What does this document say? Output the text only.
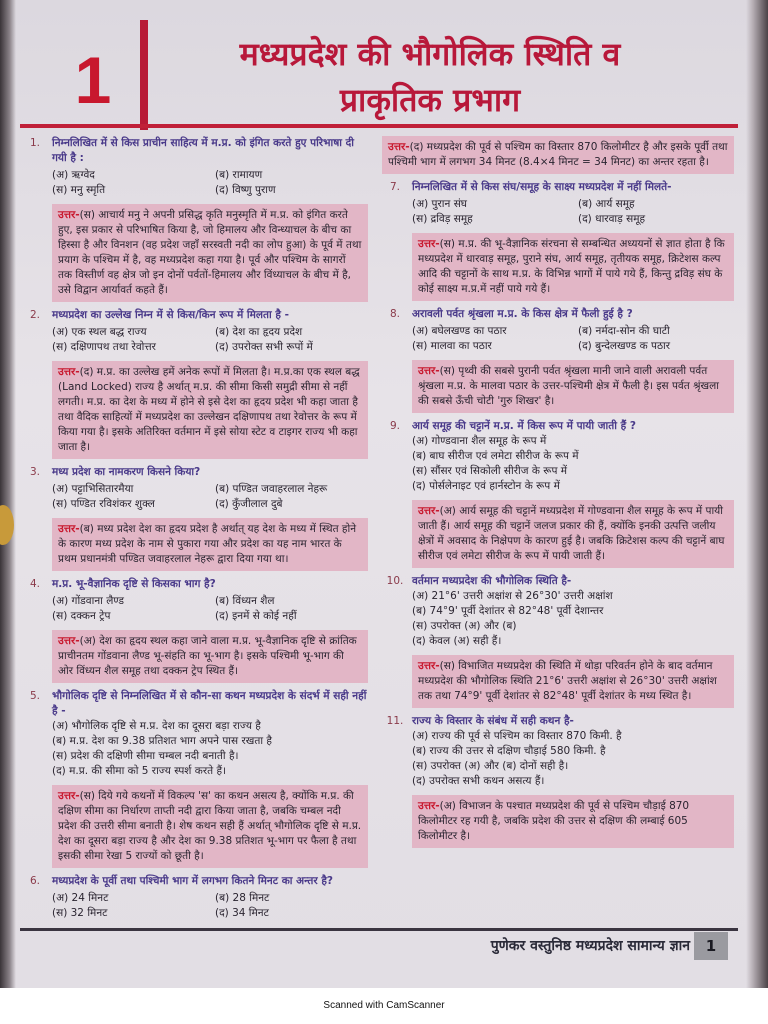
1	मध्यप्रदेश की भौगोलिक स्थिति व
प्राकृतिक प्रभाग
1.	निम्नलिखित में से किस प्राचीन साहित्य में म.प्र. को इंगित करते हुए परिभाषा दी गयी है :
(अ) ऋग्वेद	(ब) रामायण
(स) मनु स्मृति	(द) विष्णु पुराण
उत्तर-(स) आचार्य मनु ने अपनी प्रसिद्ध कृति मनुस्मृति में म.प्र. को इंगित करते हुए, इस प्रकार से परिभाषित किया है, जो हिमालय और विन्ध्याचल के बीच का हिस्सा है और विनशन (वह प्रदेश जहाँ सरस्वती नदी का लोप हुआ) के पूर्व में तथा प्रयाग के पश्चिम में है, वह मध्यप्रदेश कहा गया है। पूर्व और पश्चिम के सागरों तक विस्तीर्ण वह क्षेत्र जो इन दोनों पर्वतों-हिमालय और विंध्याचल के बीच में है, उसे विद्वान आर्यावर्त कहते हैं।
2.	मध्यप्रदेश का उल्लेख निम्न में से किस/किन रूप में मिलता है -
(अ) एक स्थल बद्ध राज्य	(ब) देश का हृदय प्रदेश
(स) दक्षिणापथ तथा रेवोत्तर	(द) उपरोक्त सभी रूपों में
उत्तर-(द) म.प्र. का उल्लेख हमें अनेक रूपों में मिलता है। म.प्र.का एक स्थल बद्ध (Land Locked) राज्य है अर्थात् म.प्र. की सीमा किसी समुद्री सीमा से नहीं लगती। म.प्र. का देश के मध्य में होने से इसे देश का हृदय प्रदेश भी कहा जाता है तथा वैदिक साहित्यों में मध्यप्रदेश का उल्लेखन दक्षिणापथ तथा रेवोत्तर के रूप में किया गया है। इसके अतिरिक्त वर्तमान में इसे सोया स्टेट व टाइगर राज्य भी कहा जाता है।
3.	मध्य प्रदेश का नामकरण किसने किया?
(अ) पट्टाभिसितारमैया	(ब) पण्डित जवाहरलाल नेहरू
(स) पण्डित रविशंकर शुक्ल	(द) कुँजीलाल दुबे
उत्तर-(ब) मध्य प्रदेश देश का हृदय प्रदेश है अर्थात् यह देश के मध्य में स्थित होने के कारण मध्य प्रदेश के नाम से पुकारा गया और प्रदेश का यह नाम भारत के प्रथम प्रधानमंत्री पण्डित जवाहरलाल नेहरू द्वारा दिया गया था।
4.	म.प्र. भू-वैज्ञानिक दृष्टि से किसका भाग है?
(अ) गोंडवाना लैण्ड	(ब) विंध्यन शैल
(स) दक्कन ट्रेप	(द) इनमें से कोई नहीं
उत्तर-(अ) देश का हृदय स्थल कहा जाने वाला म.प्र. भू-वैज्ञानिक दृष्टि से क्रांतिक प्राचीनतम गोंडवाना लैण्ड भू-संहति का भू-भाग है। इसके पश्चिमी भू-भाग की ओर विंध्यन शैल समूह तथा दक्कन ट्रेप स्थित हैं।
5.	भौगोलिक दृष्टि से निम्नलिखित में से कौन-सा कथन मध्यप्रदेश के संदर्भ में सही नहीं है -
(अ) भौगोलिक दृष्टि से म.प्र. देश का दूसरा बड़ा राज्य है
(ब) म.प्र. देश का 9.38 प्रतिशत भाग अपने पास रखता है
(स) प्रदेश की दक्षिणी सीमा चम्बल नदी बनाती है।
(द) म.प्र. की सीमा को 5 राज्य स्पर्श करते हैं।
उत्तर-(स) दिये गये कथनों में विकल्प 'स' का कथन असत्य है, क्योंकि म.प्र. की दक्षिण सीमा का निर्धारण ताप्ती नदी द्वारा किया जाता है, जबकि चम्बल नदी प्रदेश की उत्तरी सीमा बनाती है। शेष कथन सही हैं अर्थात् भौगोलिक दृष्टि से म.प्र. देश का दूसरा बड़ा राज्य है और देश का 9.38 प्रतिशत भू-भाग पर फैला है तथा इसकी सीमा रेखा 5 राज्यों को छूती है।
6.	मध्यप्रदेश के पूर्वी तथा पश्चिमी भाग में लगभग कितने मिनट का अन्तर है?
(अ) 24 मिनट	(ब) 28 मिनट
(स) 32 मिनट	(द) 34 मिनट
उत्तर-(द) मध्यप्रदेश की पूर्व से पश्चिम का विस्तार 870 किलोमीटर है और इसके पूर्वी तथा पश्चिमी भाग में लगभग 34 मिनट (8.4×4 मिनट = 34 मिनट) का अन्तर रहता है।
7.	निम्नलिखित में से किस संघ/समूह के साक्ष्य मध्यप्रदेश में नहीं मिलते-
(अ) पुरान संघ	(ब) आर्य समूह
(स) द्रविड़ समूह	(द) धारवाड़ समूह
उत्तर-(स) म.प्र. की भू-वैज्ञानिक संरचना से सम्बन्धित अध्ययनों से ज्ञात होता है कि मध्यप्रदेश में धारवाड़ समूह, पुराने संघ, आर्य समूह, तृतीयक समूह, क्रिटेशस कल्प आदि की चट्टानों के साथ म.प्र. के विभिन्न भागों में पाये गये हैं, किन्तु द्रविड़ संघ के कोई साक्ष्य म.प्र.में नहीं पाये गये हैं।
8.	अरावली पर्वत श्रृंखला म.प्र. के किस क्षेत्र में फैली हुई है ?
(अ) बघेलखण्ड का पठार	(ब) नर्मदा-सोन की घाटी
(स) मालवा का पठार	(द) बुन्देलखण्ड क पठार
उत्तर-(स) पृथ्वी की सबसे पुरानी पर्वत श्रृंखला मानी जाने वाली अरावली पर्वत श्रृंखला म.प्र. के मालवा पठार के उत्तर-पश्चिमी क्षेत्र में फैली है। इस पर्वत श्रृंखला की सबसे ऊँची चोटी 'गुरु शिखर' है।
9.	आर्य समूह की चट्टानें म.प्र. में किस रूप में पायी जाती हैं ?
(अ) गोण्डवाना शैल समूह के रूप में
(ब) बाघ सीरीज एवं लमेटा सीरीज के रूप में
(स) सौंसर एवं सिकोली सीरीज के रूप में
(द) पोर्सलेनाइट एवं हार्नस्टोन के रूप में
उत्तर-(अ) आर्य समूह की चट्टानें मध्यप्रदेश में गोण्डवाना शैल समूह के रूप में पायी जाती हैं। आर्य समूह की चट्टानें जलज प्रकार की हैं, क्योंकि इनकी उत्पत्ति जलीय क्षेत्रों में अवसाद के निक्षेपण के कारण हुई है। जबकि क्रिटेशस कल्प की चट्टानें बाघ सीरीज एवं लमेटा सीरीज के रूप में पायी जाती हैं।
10. वर्तमान मध्यप्रदेश की भौगोलिक स्थिति है-
(अ) 21°6' उत्तरी अक्षांश से 26°30' उत्तरी अक्षांश
(ब) 74°9' पूर्वी देशांतर से 82°48' पूर्वी देशान्तर
(स) उपरोक्त (अ) और (ब)
(द) केवल (अ) सही हैं।
उत्तर-(स) विभाजित मध्यप्रदेश की स्थिति में थोड़ा परिवर्तन होने के बाद वर्तमान मध्यप्रदेश की भौगोलिक स्थिति 21°6' उत्तरी अक्षांश से 26°30' उत्तरी अक्षांश तक तथा 74°9' पूर्वी देशांतर से 82°48' पूर्वी देशांतर के मध्य स्थित है।
11. राज्य के विस्तार के संबंध में सही कथन है-
(अ) राज्य की पूर्व से पश्चिम का विस्तार 870 किमी. है
(ब) राज्य की उत्तर से दक्षिण चौड़ाई 580 किमी. है
(स) उपरोक्त (अ) और (ब) दोनों सही है।
(द) उपरोक्त सभी कथन असत्य हैं।
उत्तर-(अ) विभाजन के पश्चात मध्यप्रदेश की पूर्व से पश्चिम चौड़ाई 870 किलोमीटर रह गयी है, जबकि प्रदेश की उत्तर से दक्षिण की लम्बाई 605 किलोमीटर है।
पुणेकर वस्तुनिष्ठ मध्यप्रदेश सामान्य ज्ञान	1
Scanned with CamScanner
